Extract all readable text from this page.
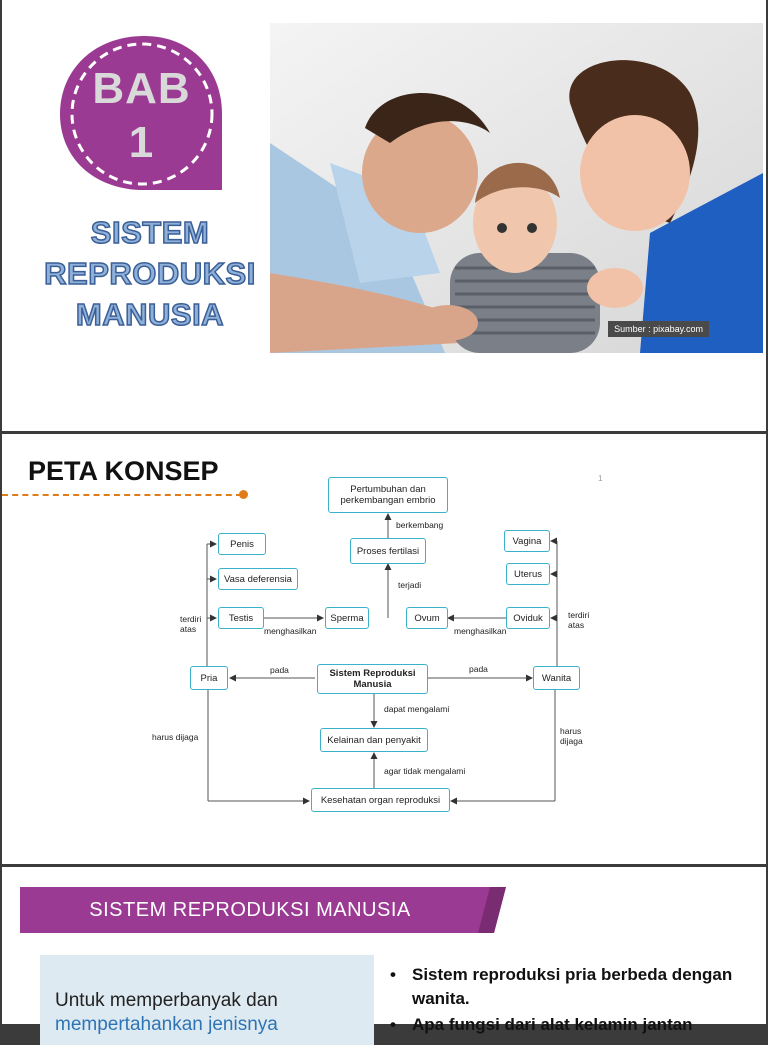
BAB
1
SISTEM
REPRODUKSI
MANUSIA	Sumber : pixabay.com
PETA KONSEP	1
Pertumbuhan dan perkembangan embrio
Proses fertilasi
Penis
Vasa deferensia
Testis	Sperma	Ovum	Oviduk
Uterus
Vagina
Pria	Sistem Reproduksi Manusia
Wanita
Kelainan dan penyakit
Kesehatan organ reproduksi
berkembang
terjadi
terdiri atas
terdiri atas
menghasilkan	menghasilkan
pada	pada
dapat mengalami
agar tidak mengalami
harus dijaga
harus dijaga
SISTEM REPRODUKSI MANUSIA
Untuk memperbanyak dan
mempertahankan jenisnya
• Sistem reproduksi pria berbeda dengan wanita.
• Apa fungsi dari alat kelamin jantan
